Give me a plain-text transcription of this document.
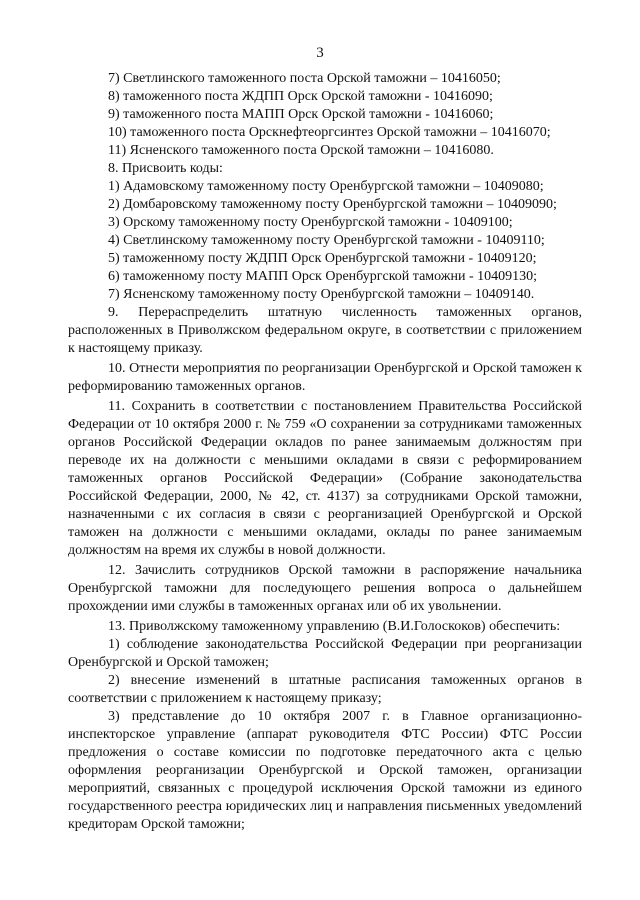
3
7) Светлинского таможенного поста Орской таможни – 10416050;
8) таможенного поста ЖДПП Орск Орской таможни - 10416090;
9) таможенного поста МАПП Орск Орской таможни - 10416060;
10) таможенного поста Орскнефтеоргсинтез Орской таможни – 10416070;
11) Ясненского таможенного поста Орской таможни – 10416080.
8. Присвоить коды:
1) Адамовскому таможенному посту Оренбургской таможни – 10409080;
2) Домбаровскому таможенному посту Оренбургской таможни – 10409090;
3) Орскому таможенному посту Оренбургской таможни - 10409100;
4) Светлинскому таможенному посту Оренбургской таможни - 10409110;
5) таможенному посту ЖДПП Орск Оренбургской таможни - 10409120;
6) таможенному посту МАПП Орск Оренбургской таможни - 10409130;
7) Ясненскому таможенному посту Оренбургской таможни – 10409140.
9. Перераспределить штатную численность таможенных органов, расположенных в Приволжском федеральном округе, в соответствии с приложением к настоящему приказу.
10. Отнести мероприятия по реорганизации Оренбургской и Орской таможен к реформированию таможенных органов.
11. Сохранить в соответствии с постановлением Правительства Российской Федерации от 10 октября 2000 г. № 759 «О сохранении за сотрудниками таможенных органов Российской Федерации окладов по ранее занимаемым должностям при переводе их на должности с меньшими окладами в связи с реформированием таможенных органов Российской Федерации» (Собрание законодательства Российской Федерации, 2000, № 42, ст. 4137) за сотрудниками Орской таможни, назначенными с их согласия в связи с реорганизацией Оренбургской и Орской таможен на должности с меньшими окладами, оклады по ранее занимаемым должностям на время их службы в новой должности.
12. Зачислить сотрудников Орской таможни в распоряжение начальника Оренбургской таможни для последующего решения вопроса о дальнейшем прохождении ими службы в таможенных органах или об их увольнении.
13. Приволжскому таможенному управлению (В.И.Голоскоков) обеспечить:
1) соблюдение законодательства Российской Федерации при реорганизации Оренбургской и Орской таможен;
2) внесение изменений в штатные расписания таможенных органов в соответствии с приложением к настоящему приказу;
3) представление до 10 октября 2007 г. в Главное организационно-инспекторское управление (аппарат руководителя ФТС России) ФТС России предложения о составе комиссии по подготовке передаточного акта с целью оформления реорганизации Оренбургской и Орской таможен, организации мероприятий, связанных с процедурой исключения Орской таможни из единого государственного реестра юридических лиц и направления письменных уведомлений кредиторам Орской таможни;
